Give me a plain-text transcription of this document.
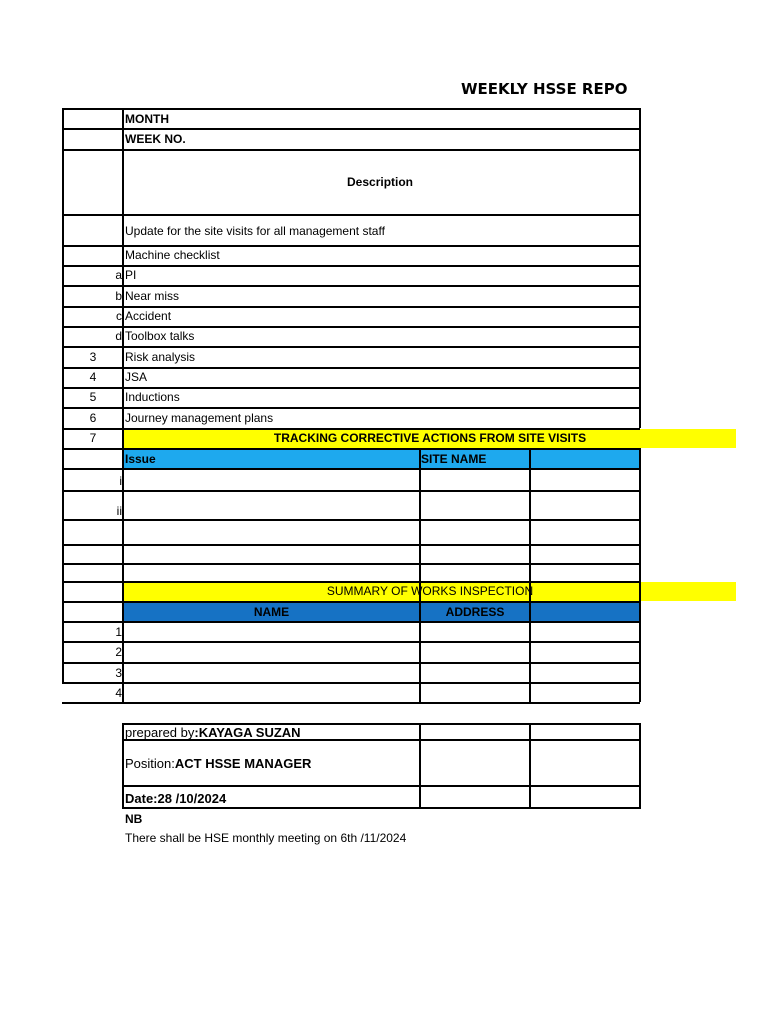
WEEKLY HSSE REPO
MONTH
WEEK NO.
Description
Update for the site visits for all management staff
Machine checklist
a PI
b Near miss
c Accident
d Toolbox talks
3	Risk analysis
4	JSA
5	Inductions
6	Journey management plans
7	TRACKING CORRECTIVE ACTIONS FROM SITE VISITS
Issue	SITE NAME
i
ii
SUMMARY OF WORKS INSPECTION
NAME	ADDRESS
1
2
3
4
prepared by:KAYAGA SUZAN
Position:ACT HSSE MANAGER
Date:28 /10/2024
NB
There shall be HSE monthly meeting on 6th /11/2024
